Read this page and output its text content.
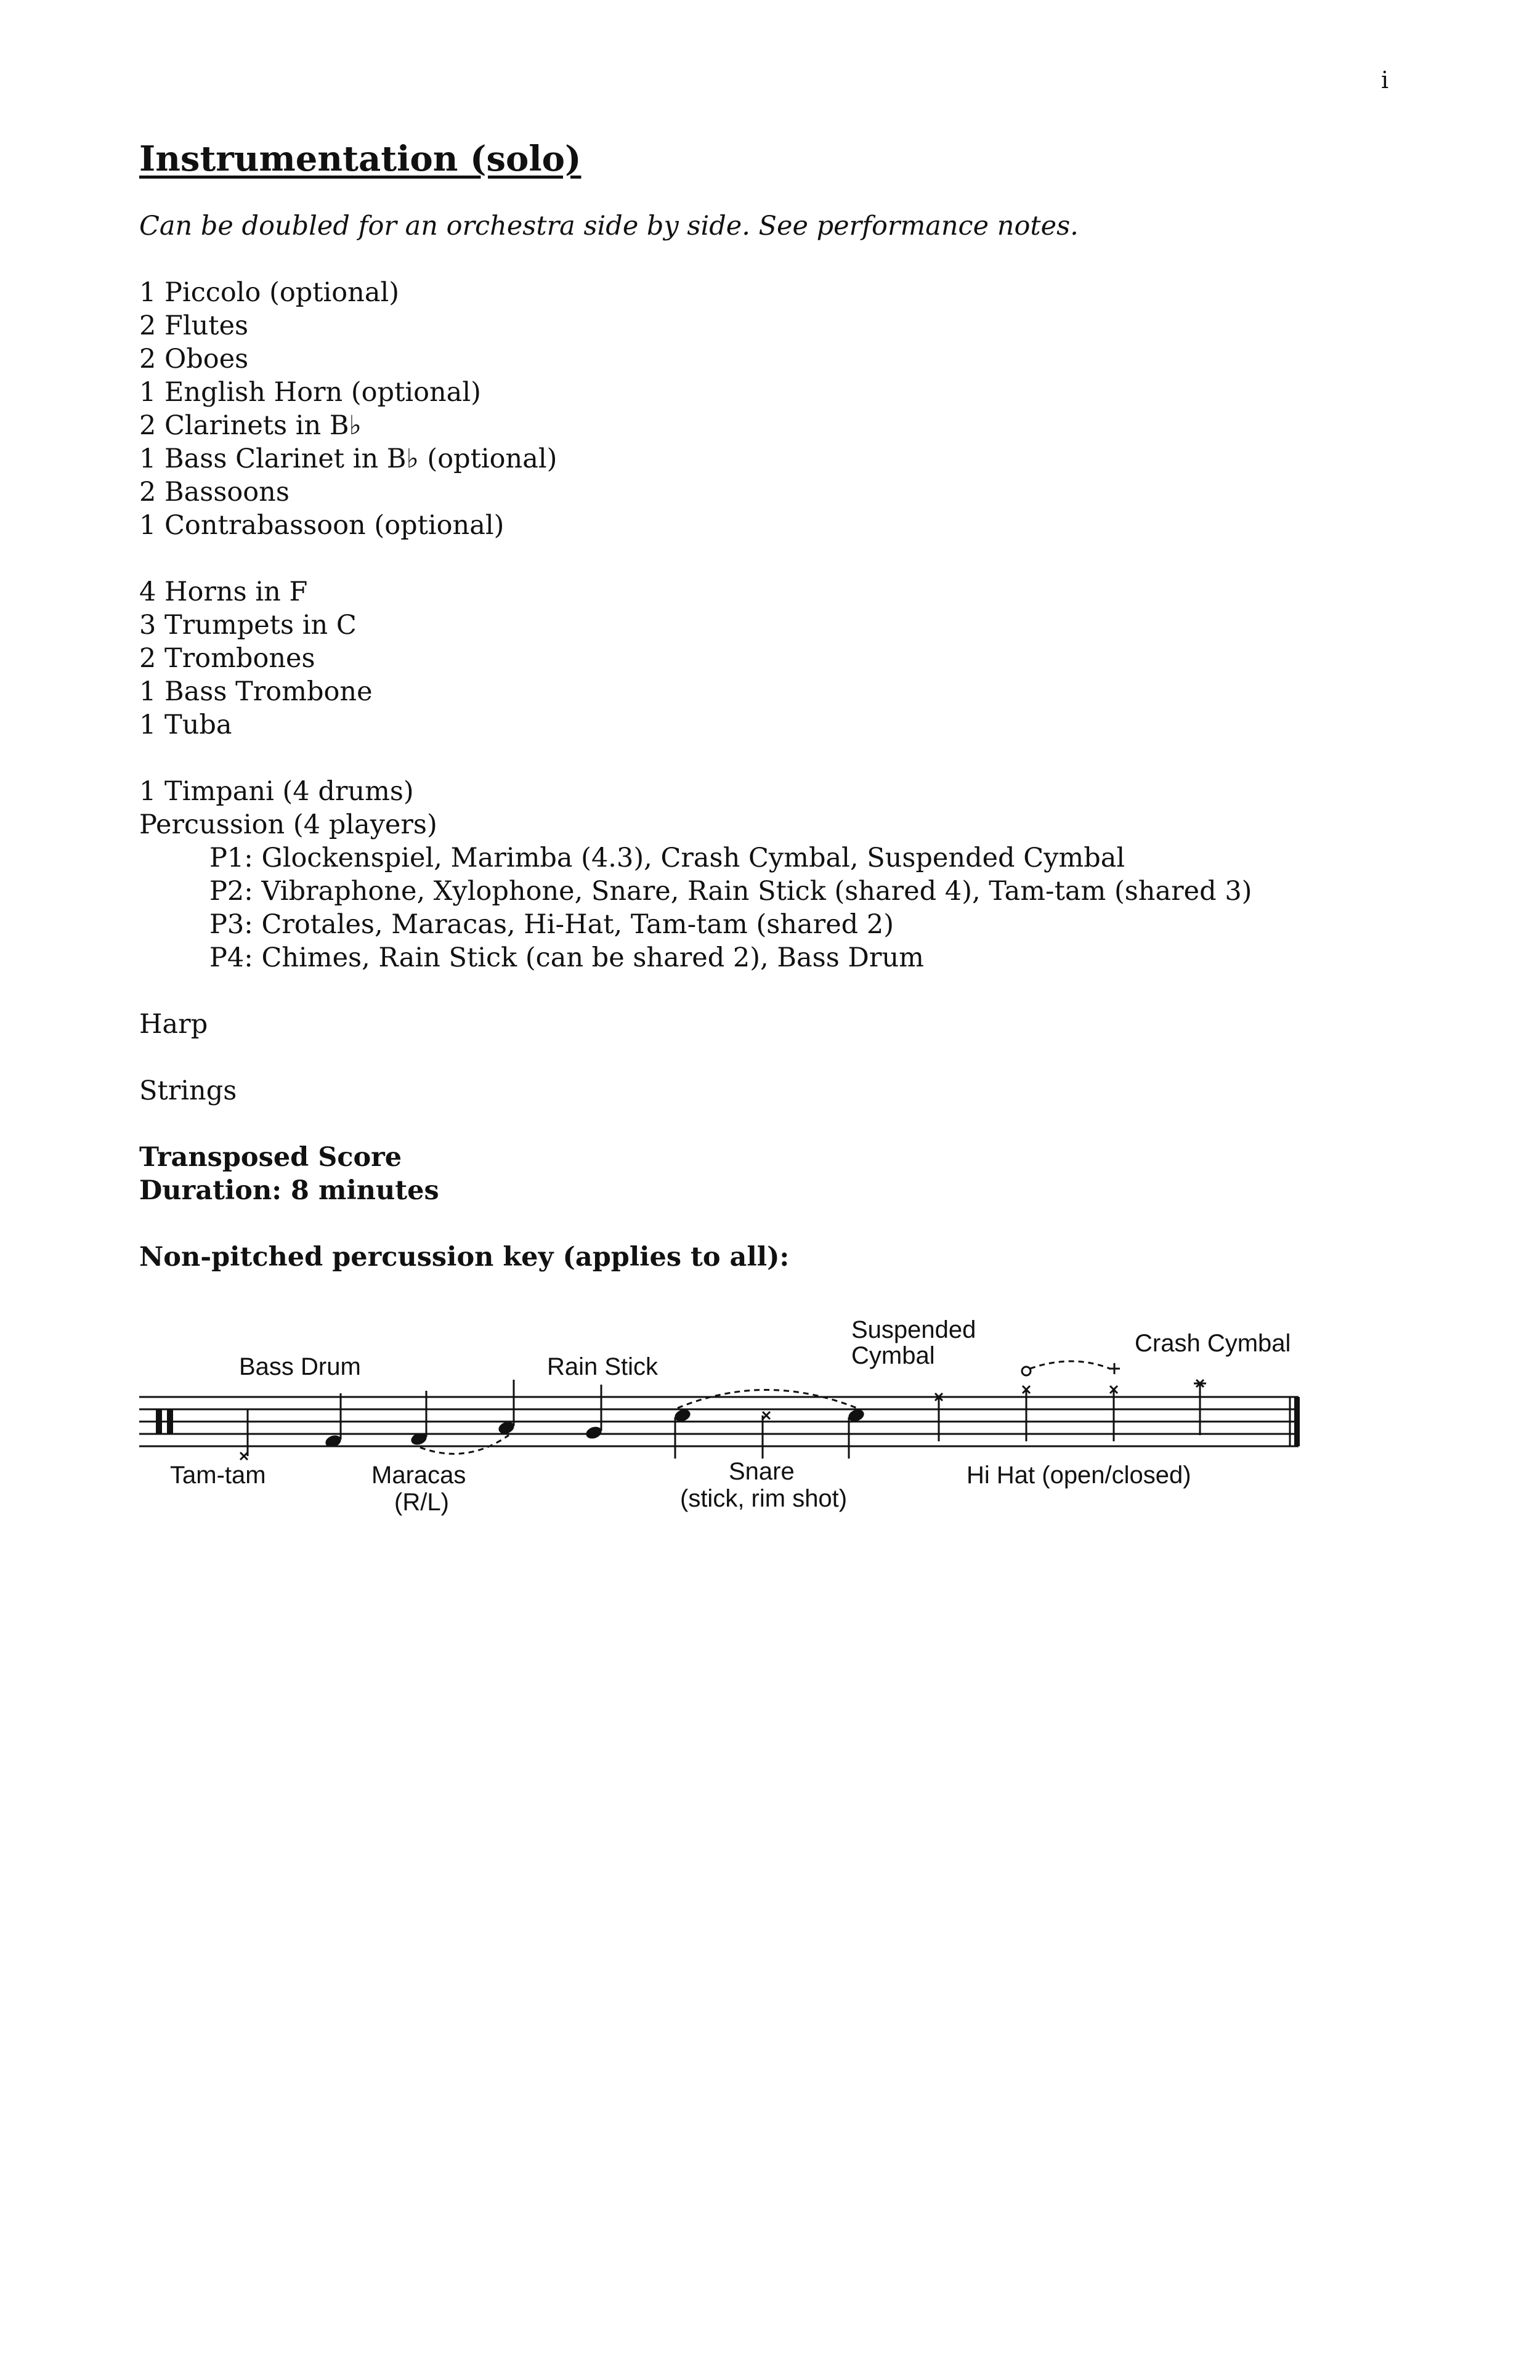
i
Instrumentation (solo)
Can be doubled for an orchestra side by side. See performance notes.
1 Piccolo (optional)
2 Flutes
2 Oboes
1 English Horn (optional)
2 Clarinets in B♭
1 Bass Clarinet in B♭ (optional)
2 Bassoons
1 Contrabassoon (optional)
4 Horns in F
3 Trumpets in C
2 Trombones
1 Bass Trombone
1 Tuba
1 Timpani (4 drums)
Percussion (4 players)
P1: Glockenspiel, Marimba (4.3), Crash Cymbal, Suspended Cymbal
P2: Vibraphone, Xylophone, Snare, Rain Stick (shared 4), Tam-tam (shared 3)
P3: Crotales, Maracas, Hi-Hat, Tam-tam (shared 2)
P4: Chimes, Rain Stick (can be shared 2), Bass Drum
Harp
Strings
Transposed Score
Duration: 8 minutes
Non-pitched percussion key (applies to all):
Bass Drum	Rain Stick
Suspended
Cymbal	Crash Cymbal
Tam-tam	Maracas
(R/L)
Snare
(stick, rim shot)
Hi Hat (open/closed)
